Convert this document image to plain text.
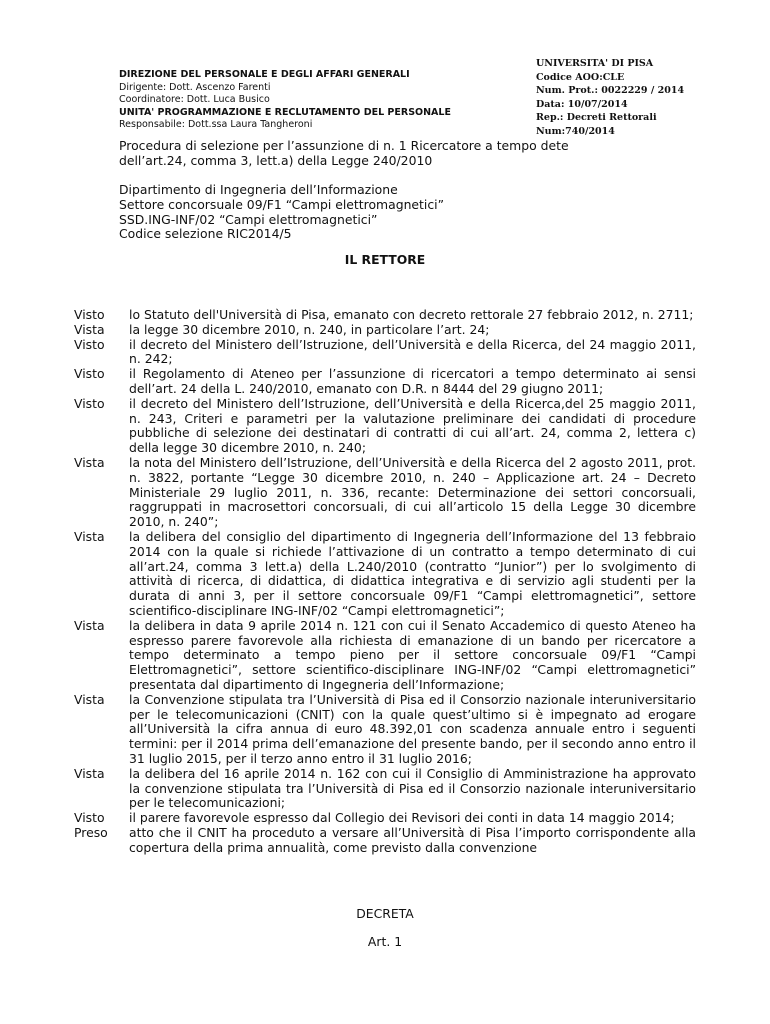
UNIVERSITA' DI PISA
Codice AOO:CLE
Num. Prot.: 0022229 / 2014
Data: 10/07/2014
Rep.: Decreti Rettorali
Num:740/2014
DIREZIONE DEL PERSONALE E DEGLI AFFARI GENERALI
Dirigente: Dott. Ascenzo Farenti
Coordinatore: Dott. Luca Busico
UNITA' PROGRAMMAZIONE E RECLUTAMENTO DEL PERSONALE
Responsabile: Dott.ssa Laura Tangheroni
Procedura di selezione per l’assunzione di n. 1 Ricercatore a tempo dete
dell’art.24, comma 3, lett.a) della Legge 240/2010
Dipartimento di Ingegneria dell’Informazione
Settore concorsuale 09/F1 “Campi elettromagnetici”
SSD.ING-INF/02 “Campi elettromagnetici”
Codice selezione RIC2014/5
IL RETTORE
Visto lo Statuto dell'Università di Pisa, emanato con decreto rettorale 27 febbraio 2012, n. 2711;
Vista la legge 30 dicembre 2010, n. 240, in particolare l’art. 24;
Visto il decreto del Ministero dell’Istruzione, dell’Università e della Ricerca, del 24 maggio 2011, n. 242;
Visto il Regolamento di Ateneo per l’assunzione di ricercatori a tempo determinato ai sensi dell’art. 24 della L. 240/2010, emanato con D.R. n 8444 del 29 giugno 2011;
Visto il decreto del Ministero dell’Istruzione, dell’Università e della Ricerca,del 25 maggio 2011, n. 243, Criteri e parametri per la valutazione preliminare dei candidati di procedure pubbliche di selezione dei destinatari di contratti di cui all’art. 24, comma 2, lettera c) della legge 30 dicembre 2010, n. 240;
Vista la nota del Ministero dell’Istruzione, dell’Università e della Ricerca del 2 agosto 2011, prot. n. 3822, portante “Legge 30 dicembre 2010, n. 240 – Applicazione art. 24 – Decreto Ministeriale 29 luglio 2011, n. 336, recante: Determinazione dei settori concorsuali, raggruppati in macrosettori concorsuali, di cui all’articolo 15 della Legge 30 dicembre 2010, n. 240”;
Vista la delibera del consiglio del dipartimento di Ingegneria dell’Informazione del 13 febbraio 2014 con la quale si richiede l’attivazione di un contratto a tempo determinato di cui all’art.24, comma 3 lett.a) della L.240/2010 (contratto “Junior”) per lo svolgimento di attività di ricerca, di didattica, di didattica integrativa e di servizio agli studenti per la durata di anni 3, per il settore concorsuale 09/F1 “Campi elettromagnetici”, settore scientifico-disciplinare ING-INF/02 “Campi elettromagnetici”;
Vista la delibera in data 9 aprile 2014 n. 121 con cui il Senato Accademico di questo Ateneo ha espresso parere favorevole alla richiesta di emanazione di un bando per ricercatore a tempo determinato a tempo pieno per il settore concorsuale 09/F1 “Campi Elettromagnetici”, settore scientifico-disciplinare ING-INF/02 “Campi elettromagnetici” presentata dal dipartimento di Ingegneria dell’Informazione;
Vista la Convenzione stipulata tra l’Università di Pisa ed il Consorzio nazionale interuniversitario per le telecomunicazioni (CNIT) con la quale quest’ultimo si è impegnato ad erogare all’Università la cifra annua di euro 48.392,01 con scadenza annuale entro i seguenti termini: per il 2014 prima dell’emanazione del presente bando, per il secondo anno entro il 31 luglio 2015, per il terzo anno entro il 31 luglio 2016;
Vista la delibera del 16 aprile 2014 n. 162 con cui il Consiglio di Amministrazione ha approvato la convenzione stipulata tra l’Università di Pisa ed il Consorzio nazionale interuniversitario per le telecomunicazioni;
Visto il parere favorevole espresso dal Collegio dei Revisori dei conti in data 14 maggio 2014;
Preso atto che il CNIT ha proceduto a versare all’Università di Pisa l’importo corrispondente alla copertura della prima annualità, come previsto dalla convenzione
DECRETA
Art. 1
